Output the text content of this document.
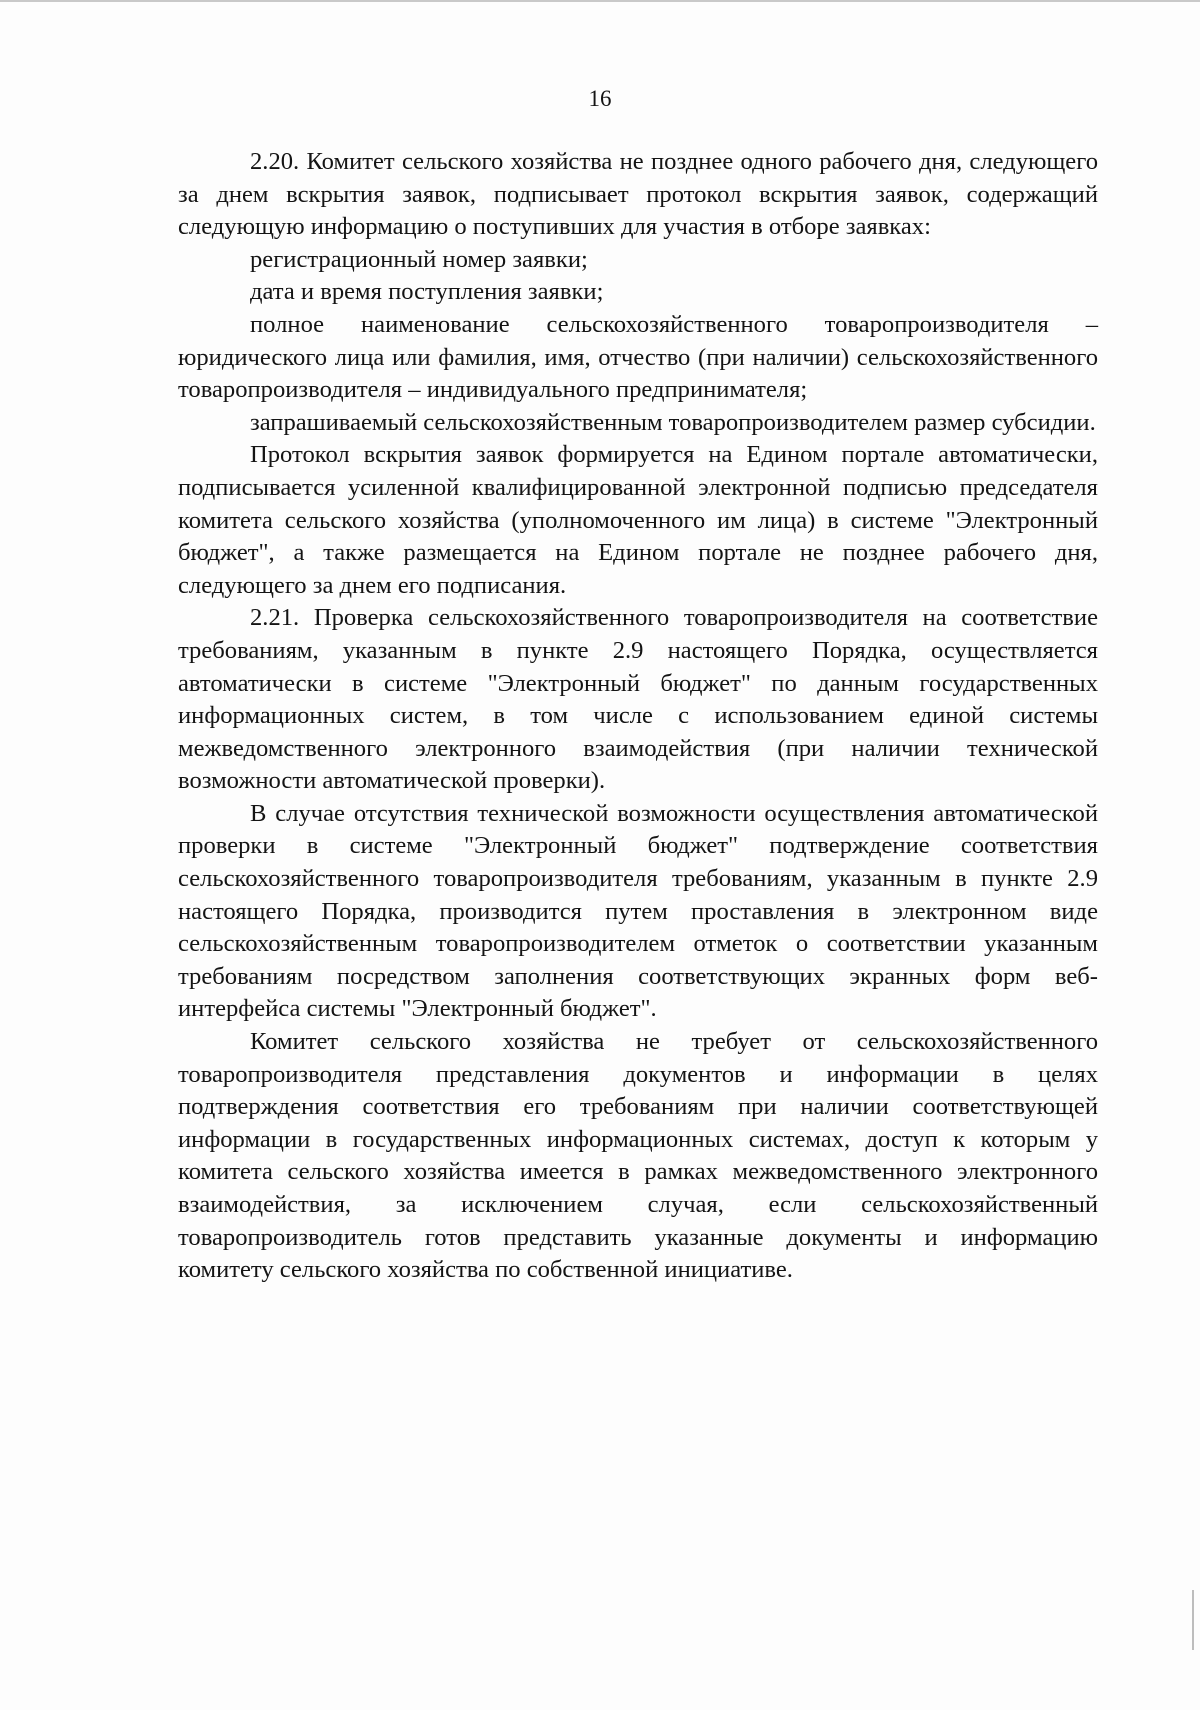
16

2.20. Комитет сельского хозяйства не позднее одного рабочего дня, следующего за днем вскрытия заявок, подписывает протокол вскрытия заявок, содержащий следующую информацию о поступивших для участия в отборе заявках:

регистрационный номер заявки;

дата и время поступления заявки;

полное наименование сельскохозяйственного товаропроизводителя – юридического лица или фамилия, имя, отчество (при наличии) сельскохозяйственного товаропроизводителя – индивидуального предпринимателя;

запрашиваемый сельскохозяйственным товаропроизводителем размер субсидии.

Протокол вскрытия заявок формируется на Едином портале автоматически, подписывается усиленной квалифицированной электронной подписью председателя комитета сельского хозяйства (уполномоченного им лица) в системе "Электронный бюджет", а также размещается на Едином портале не позднее рабочего дня, следующего за днем его подписания.

2.21. Проверка сельскохозяйственного товаропроизводителя на соответствие требованиям, указанным в пункте 2.9 настоящего Порядка, осуществляется автоматически в системе "Электронный бюджет" по данным государственных информационных систем, в том числе с использованием единой системы межведомственного электронного взаимодействия (при наличии технической возможности автоматической проверки).

В случае отсутствия технической возможности осуществления автоматической проверки в системе "Электронный бюджет" подтверждение соответствия сельскохозяйственного товаропроизводителя требованиям, указанным в пункте 2.9 настоящего Порядка, производится путем проставления в электронном виде сельскохозяйственным товаропроизводителем отметок о соответствии указанным требованиям посредством заполнения соответствующих экранных форм веб-интерфейса системы "Электронный бюджет".

Комитет сельского хозяйства не требует от сельскохозяйственного товаропроизводителя представления документов и информации в целях подтверждения соответствия его требованиям при наличии соответствующей информации в государственных информационных системах, доступ к которым у комитета сельского хозяйства имеется в рамках межведомственного электронного взаимодействия, за исключением случая, если сельскохозяйственный товаропроизводитель готов представить указанные документы и информацию комитету сельского хозяйства по собственной инициативе.
